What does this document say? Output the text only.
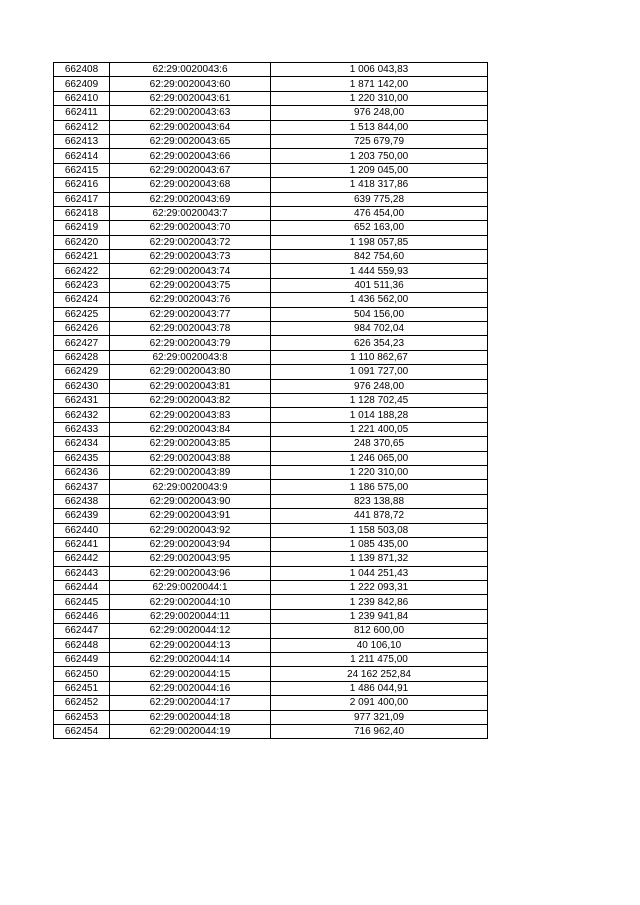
662408	62:29:0020043:6	1 006 043,83
662409	62:29:0020043:60	1 871 142,00
662410	62:29:0020043:61	1 220 310,00
662411	62:29:0020043:63	976 248,00
662412	62:29:0020043:64	1 513 844,00
662413	62:29:0020043:65	725 679,79
662414	62:29:0020043:66	1 203 750,00
662415	62:29:0020043:67	1 209 045,00
662416	62:29:0020043:68	1 418 317,86
662417	62:29:0020043:69	639 775,28
662418	62:29:0020043:7	476 454,00
662419	62:29:0020043:70	652 163,00
662420	62:29:0020043:72	1 198 057,85
662421	62:29:0020043:73	842 754,60
662422	62:29:0020043:74	1 444 559,93
662423	62:29:0020043:75	401 511,36
662424	62:29:0020043:76	1 436 562,00
662425	62:29:0020043:77	504 156,00
662426	62:29:0020043:78	984 702,04
662427	62:29:0020043:79	626 354,23
662428	62:29:0020043:8	1 110 862,67
662429	62:29:0020043:80	1 091 727,00
662430	62:29:0020043:81	976 248,00
662431	62:29:0020043:82	1 128 702,45
662432	62:29:0020043:83	1 014 188,28
662433	62:29:0020043:84	1 221 400,05
662434	62:29:0020043:85	248 370,65
662435	62:29:0020043:88	1 246 065,00
662436	62:29:0020043:89	1 220 310,00
662437	62:29:0020043:9	1 186 575,00
662438	62:29:0020043:90	823 138,88
662439	62:29:0020043:91	441 878,72
662440	62:29:0020043:92	1 158 503,08
662441	62:29:0020043:94	1 085 435,00
662442	62:29:0020043:95	1 139 871,32
662443	62:29:0020043:96	1 044 251,43
662444	62:29:0020044:1	1 222 093,31
662445	62:29:0020044:10	1 239 842,86
662446	62:29:0020044:11	1 239 941,84
662447	62:29:0020044:12	812 600,00
662448	62:29:0020044:13	40 106,10
662449	62:29:0020044:14	1 211 475,00
662450	62:29:0020044:15	24 162 252,84
662451	62:29:0020044:16	1 486 044,91
662452	62:29:0020044:17	2 091 400,00
662453	62:29:0020044:18	977 321,09
662454	62:29:0020044:19	716 962,40
